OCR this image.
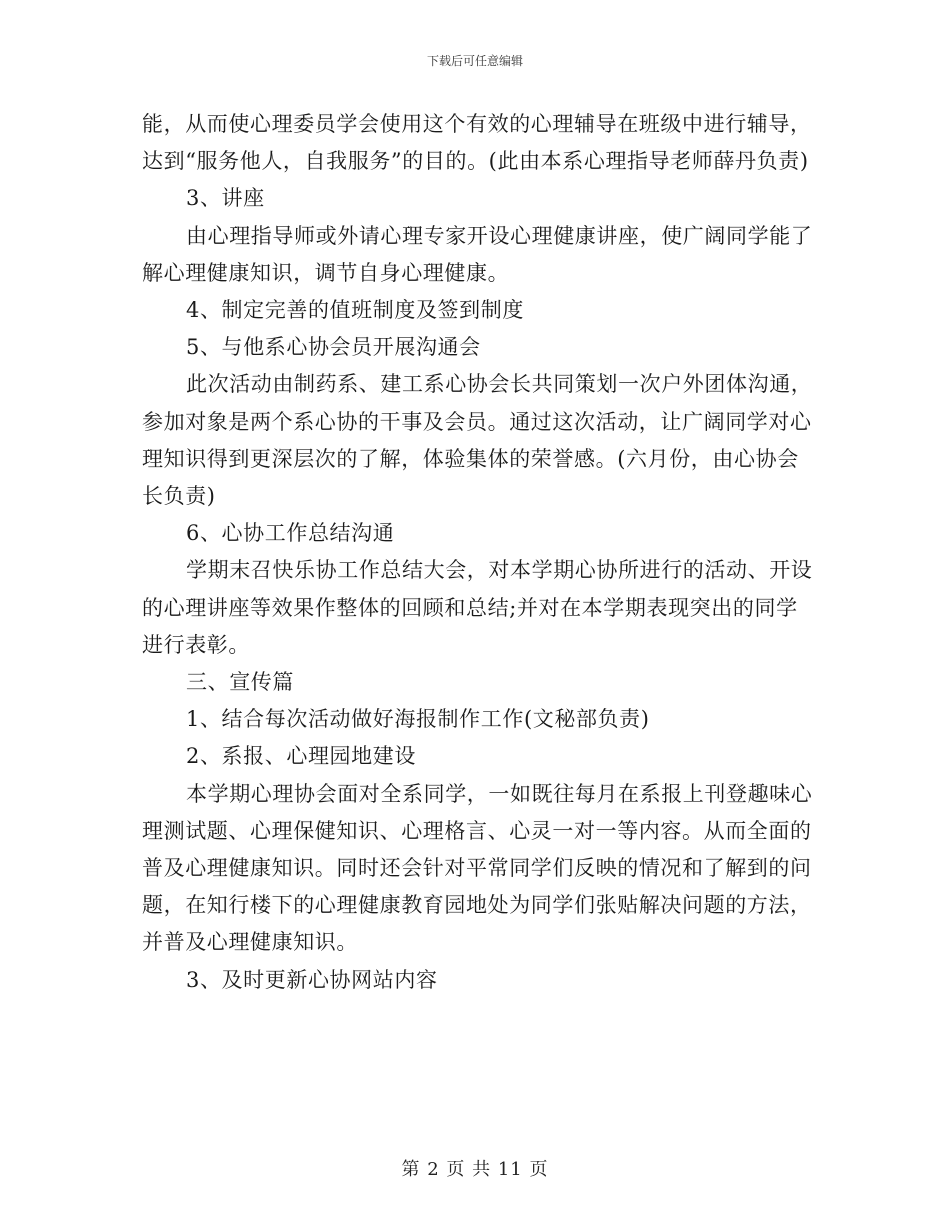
下载后可任意编辑

能，从而使心理委员学会使用这个有效的心理辅导在班级中进行辅导，达到“服务他人，自我服务”的目的。(此由本系心理指导老师薛丹负责)

3、讲座

由心理指导师或外请心理专家开设心理健康讲座，使广阔同学能了解心理健康知识，调节自身心理健康。

4、制定完善的值班制度及签到制度

5、与他系心协会员开展沟通会

此次活动由制药系、建工系心协会长共同策划一次户外团体沟通，参加对象是两个系心协的干事及会员。通过这次活动，让广阔同学对心理知识得到更深层次的了解，体验集体的荣誉感。(六月份，由心协会长负责)

6、心协工作总结沟通

学期末召快乐协工作总结大会，对本学期心协所进行的活动、开设的心理讲座等效果作整体的回顾和总结;并对在本学期表现突出的同学进行表彰。

三、宣传篇

1、结合每次活动做好海报制作工作(文秘部负责)

2、系报、心理园地建设

本学期心理协会面对全系同学，一如既往每月在系报上刊登趣味心理测试题、心理保健知识、心理格言、心灵一对一等内容。从而全面的普及心理健康知识。同时还会针对平常同学们反映的情况和了解到的问题，在知行楼下的心理健康教育园地处为同学们张贴解决问题的方法，并普及心理健康知识。

3、及时更新心协网站内容

第 2 页 共 11 页
